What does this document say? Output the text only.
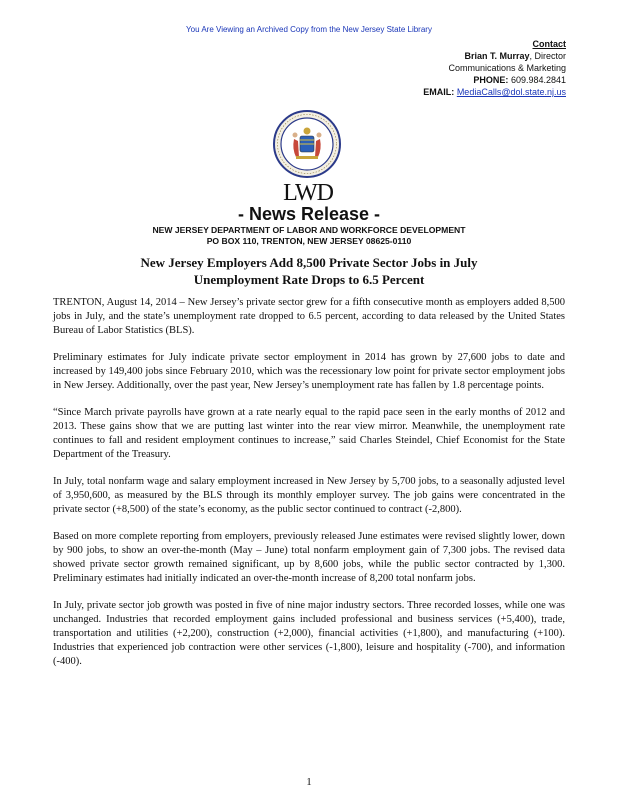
You Are Viewing an Archived Copy from the New Jersey State Library
Contact
Brian T. Murray, Director
Communications & Marketing
PHONE: 609.984.2841
EMAIL: MediaCalls@dol.state.nj.us
LWD
- News Release -
NEW JERSEY DEPARTMENT OF LABOR AND WORKFORCE DEVELOPMENT
PO BOX 110, TRENTON, NEW JERSEY 08625-0110
New Jersey Employers Add 8,500 Private Sector Jobs in July
Unemployment Rate Drops to 6.5 Percent

TRENTON, August 14, 2014 – New Jersey’s private sector grew for a fifth consecutive month as employers added 8,500 jobs in July, and the state’s unemployment rate dropped to 6.5 percent, according to data released by the United States Bureau of Labor Statistics (BLS).

Preliminary estimates for July indicate private sector employment in 2014 has grown by 27,600 jobs to date and increased by 149,400 jobs since February 2010, which was the recessionary low point for private sector employment jobs in New Jersey. Additionally, over the past year, New Jersey’s unemployment rate has fallen by 1.8 percentage points.

“Since March private payrolls have grown at a rate nearly equal to the rapid pace seen in the early months of 2012 and 2013. These gains show that we are putting last winter into the rear view mirror. Meanwhile, the unemployment rate continues to fall and resident employment continues to increase,” said Charles Steindel, Chief Economist for the State Department of the Treasury.

In July, total nonfarm wage and salary employment increased in New Jersey by 5,700 jobs, to a seasonally adjusted level of 3,950,600, as measured by the BLS through its monthly employer survey. The job gains were concentrated in the private sector (+8,500) of the state’s economy, as the public sector continued to contract (-2,800).

Based on more complete reporting from employers, previously released June estimates were revised slightly lower, down by 900 jobs, to show an over-the-month (May – June) total nonfarm employment gain of 7,300 jobs. The revised data showed private sector growth remained significant, up by 8,600 jobs, while the public sector contracted by 1,300. Preliminary estimates had initially indicated an over-the-month increase of 8,200 total nonfarm jobs.

In July, private sector job growth was posted in five of nine major industry sectors. Three recorded losses, while one was unchanged. Industries that recorded employment gains included professional and business services (+5,400), trade, transportation and utilities (+2,200), construction (+2,000), financial activities (+1,800), and manufacturing (+100). Industries that experienced job contraction were other services (-1,800), leisure and hospitality (-700), and information (-400).

1
